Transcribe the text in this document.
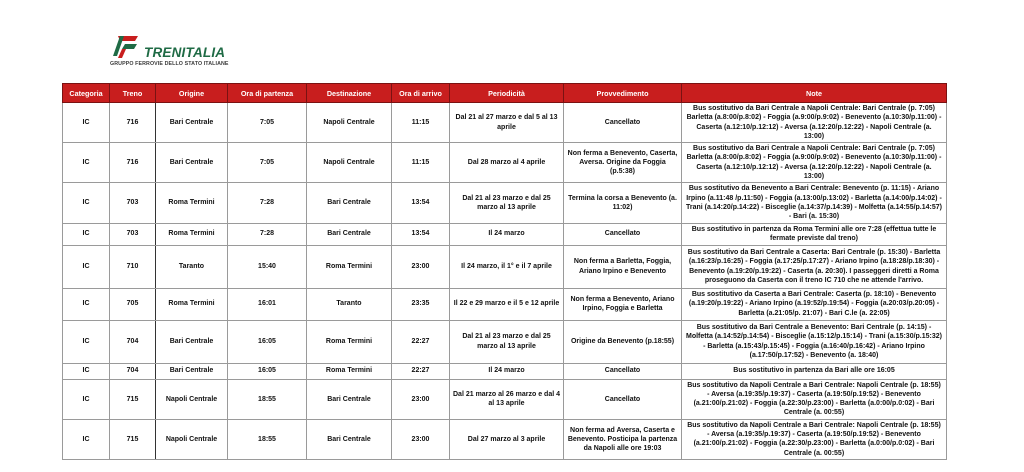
TRENITALIA
GRUPPO FERROVIE DELLO STATO ITALIANE
Categoria	Treno	Origine	Ora di partenza	Destinazione	Ora di arrivo	Periodicità	Provvedimento	Note
IC	716	Bari Centrale	7:05	Napoli Centrale	11:15	Dal 21 al 27 marzo e dal 5 al 13 aprile	Cancellato	Bus sostitutivo da Bari Centrale a Napoli Centrale: Bari Centrale (p. 7:05) Barletta (a.8:00/p.8:02) - Foggia (a.9:00/p.9:02) - Benevento (a.10:30/p.11:00) - Caserta (a.12:10/p.12:12) - Aversa (a.12:20/p.12:22) - Napoli Centrale (a. 13:00)
IC	716	Bari Centrale	7:05	Napoli Centrale	11:15	Dal 28 marzo al 4 aprile	Non ferma a Benevento, Caserta, Aversa. Origine da Foggia (p.5:38)	Bus sostitutivo da Bari Centrale a Napoli Centrale: Bari Centrale (p. 7:05) Barletta (a.8:00/p.8:02) - Foggia (a.9:00/p.9:02) - Benevento (a.10:30/p.11:00) - Caserta (a.12:10/p.12:12) - Aversa (a.12:20/p.12:22) - Napoli Centrale (a. 13:00)
IC	703	Roma Termini	7:28	Bari Centrale	13:54	Dal 21 al 23 marzo e dal 25 marzo al 13 aprile	Termina la corsa a Benevento (a. 11:02)	Bus sostitutivo da Benevento a Bari Centrale: Benevento (p. 11:15) - Ariano Irpino (a.11:48 /p.11:50) - Foggia (a.13:00/p.13:02) - Barletta (a.14:00/p.14:02) - Trani (a.14:20/p.14:22) - Bisceglie (a.14:37/p.14:39) - Molfetta (a.14:55/p.14:57) - Bari (a. 15:30)
IC	703	Roma Termini	7:28	Bari Centrale	13:54	Il 24 marzo	Cancellato	Bus sostitutivo in partenza da Roma Termini alle ore 7:28 (effettua tutte le fermate previste dal treno)
IC	710	Taranto	15:40	Roma Termini	23:00	Il 24 marzo, il 1° e il 7 aprile	Non ferma a Barletta, Foggia, Ariano Irpino e Benevento	Bus sostitutivo da Bari Centrale a Caserta: Bari Centrale (p. 15:30) - Barletta (a.16:23/p.16:25) - Foggia (a.17:25/p.17:27) - Ariano Irpino (a.18:28/p.18:30) - Benevento (a.19:20/p.19:22) - Caserta (a. 20:30). I passeggeri diretti a Roma proseguono da Caserta con il treno IC 710 che ne attende l'arrivo.
IC	705	Roma Termini	16:01	Taranto	23:35	Il 22 e 29 marzo e il 5 e 12 aprile	Non ferma a Benevento, Ariano Irpino, Foggia e Barletta	Bus sostitutivo da Caserta a Bari Centrale: Caserta (p. 18:10) - Benevento (a.19:20/p.19:22) - Ariano Irpino (a.19:52/p.19:54) - Foggia (a.20:03/p.20:05) - Barletta (a.21:05/p. 21:07) - Bari C.le (a. 22:05)
IC	704	Bari Centrale	16:05	Roma Termini	22:27	Dal 21 al 23 marzo e dal 25 marzo al 13 aprile	Origine da Benevento (p.18:55)	Bus sostitutivo da Bari Centrale a Benevento: Bari Centrale (p. 14:15) - Molfetta (a.14:52/p.14:54) - Bisceglie (a.15:12/p.15:14) - Trani (a.15:30/p.15:32) - Barletta (a.15:43/p.15:45) - Foggia (a.16:40/p.16:42) - Ariano Irpino (a.17:50/p.17:52) - Benevento (a. 18:40)
IC	704	Bari Centrale	16:05	Roma Termini	22:27	Il 24 marzo	Cancellato	Bus sostitutivo in partenza da Bari alle ore 16:05
IC	715	Napoli Centrale	18:55	Bari Centrale	23:00	Dal 21 marzo al 26 marzo e dal 4 al 13 aprile	Cancellato	Bus sostitutivo da Napoli Centrale a Bari Centrale: Napoli Centrale (p. 18:55) - Aversa (a.19:35/p.19:37) - Caserta (a.19:50/p.19:52) - Benevento (a.21:00/p.21:02) - Foggia (a.22:30/p.23:00) - Barletta (a.0:00/p.0:02) - Bari Centrale (a. 00:55)
IC	715	Napoli Centrale	18:55	Bari Centrale	23:00	Dal 27 marzo al 3 aprile	Non ferma ad Aversa, Caserta e Benevento. Posticipa la partenza da Napoli alle ore 19:03	Bus sostitutivo da Napoli Centrale a Bari Centrale: Napoli Centrale (p. 18:55) - Aversa (a.19:35/p.19:37) - Caserta (a.19:50/p.19:52) - Benevento (a.21:00/p.21:02) - Foggia (a.22:30/p.23:00) - Barletta (a.0:00/p.0:02) - Bari Centrale (a. 00:55)
